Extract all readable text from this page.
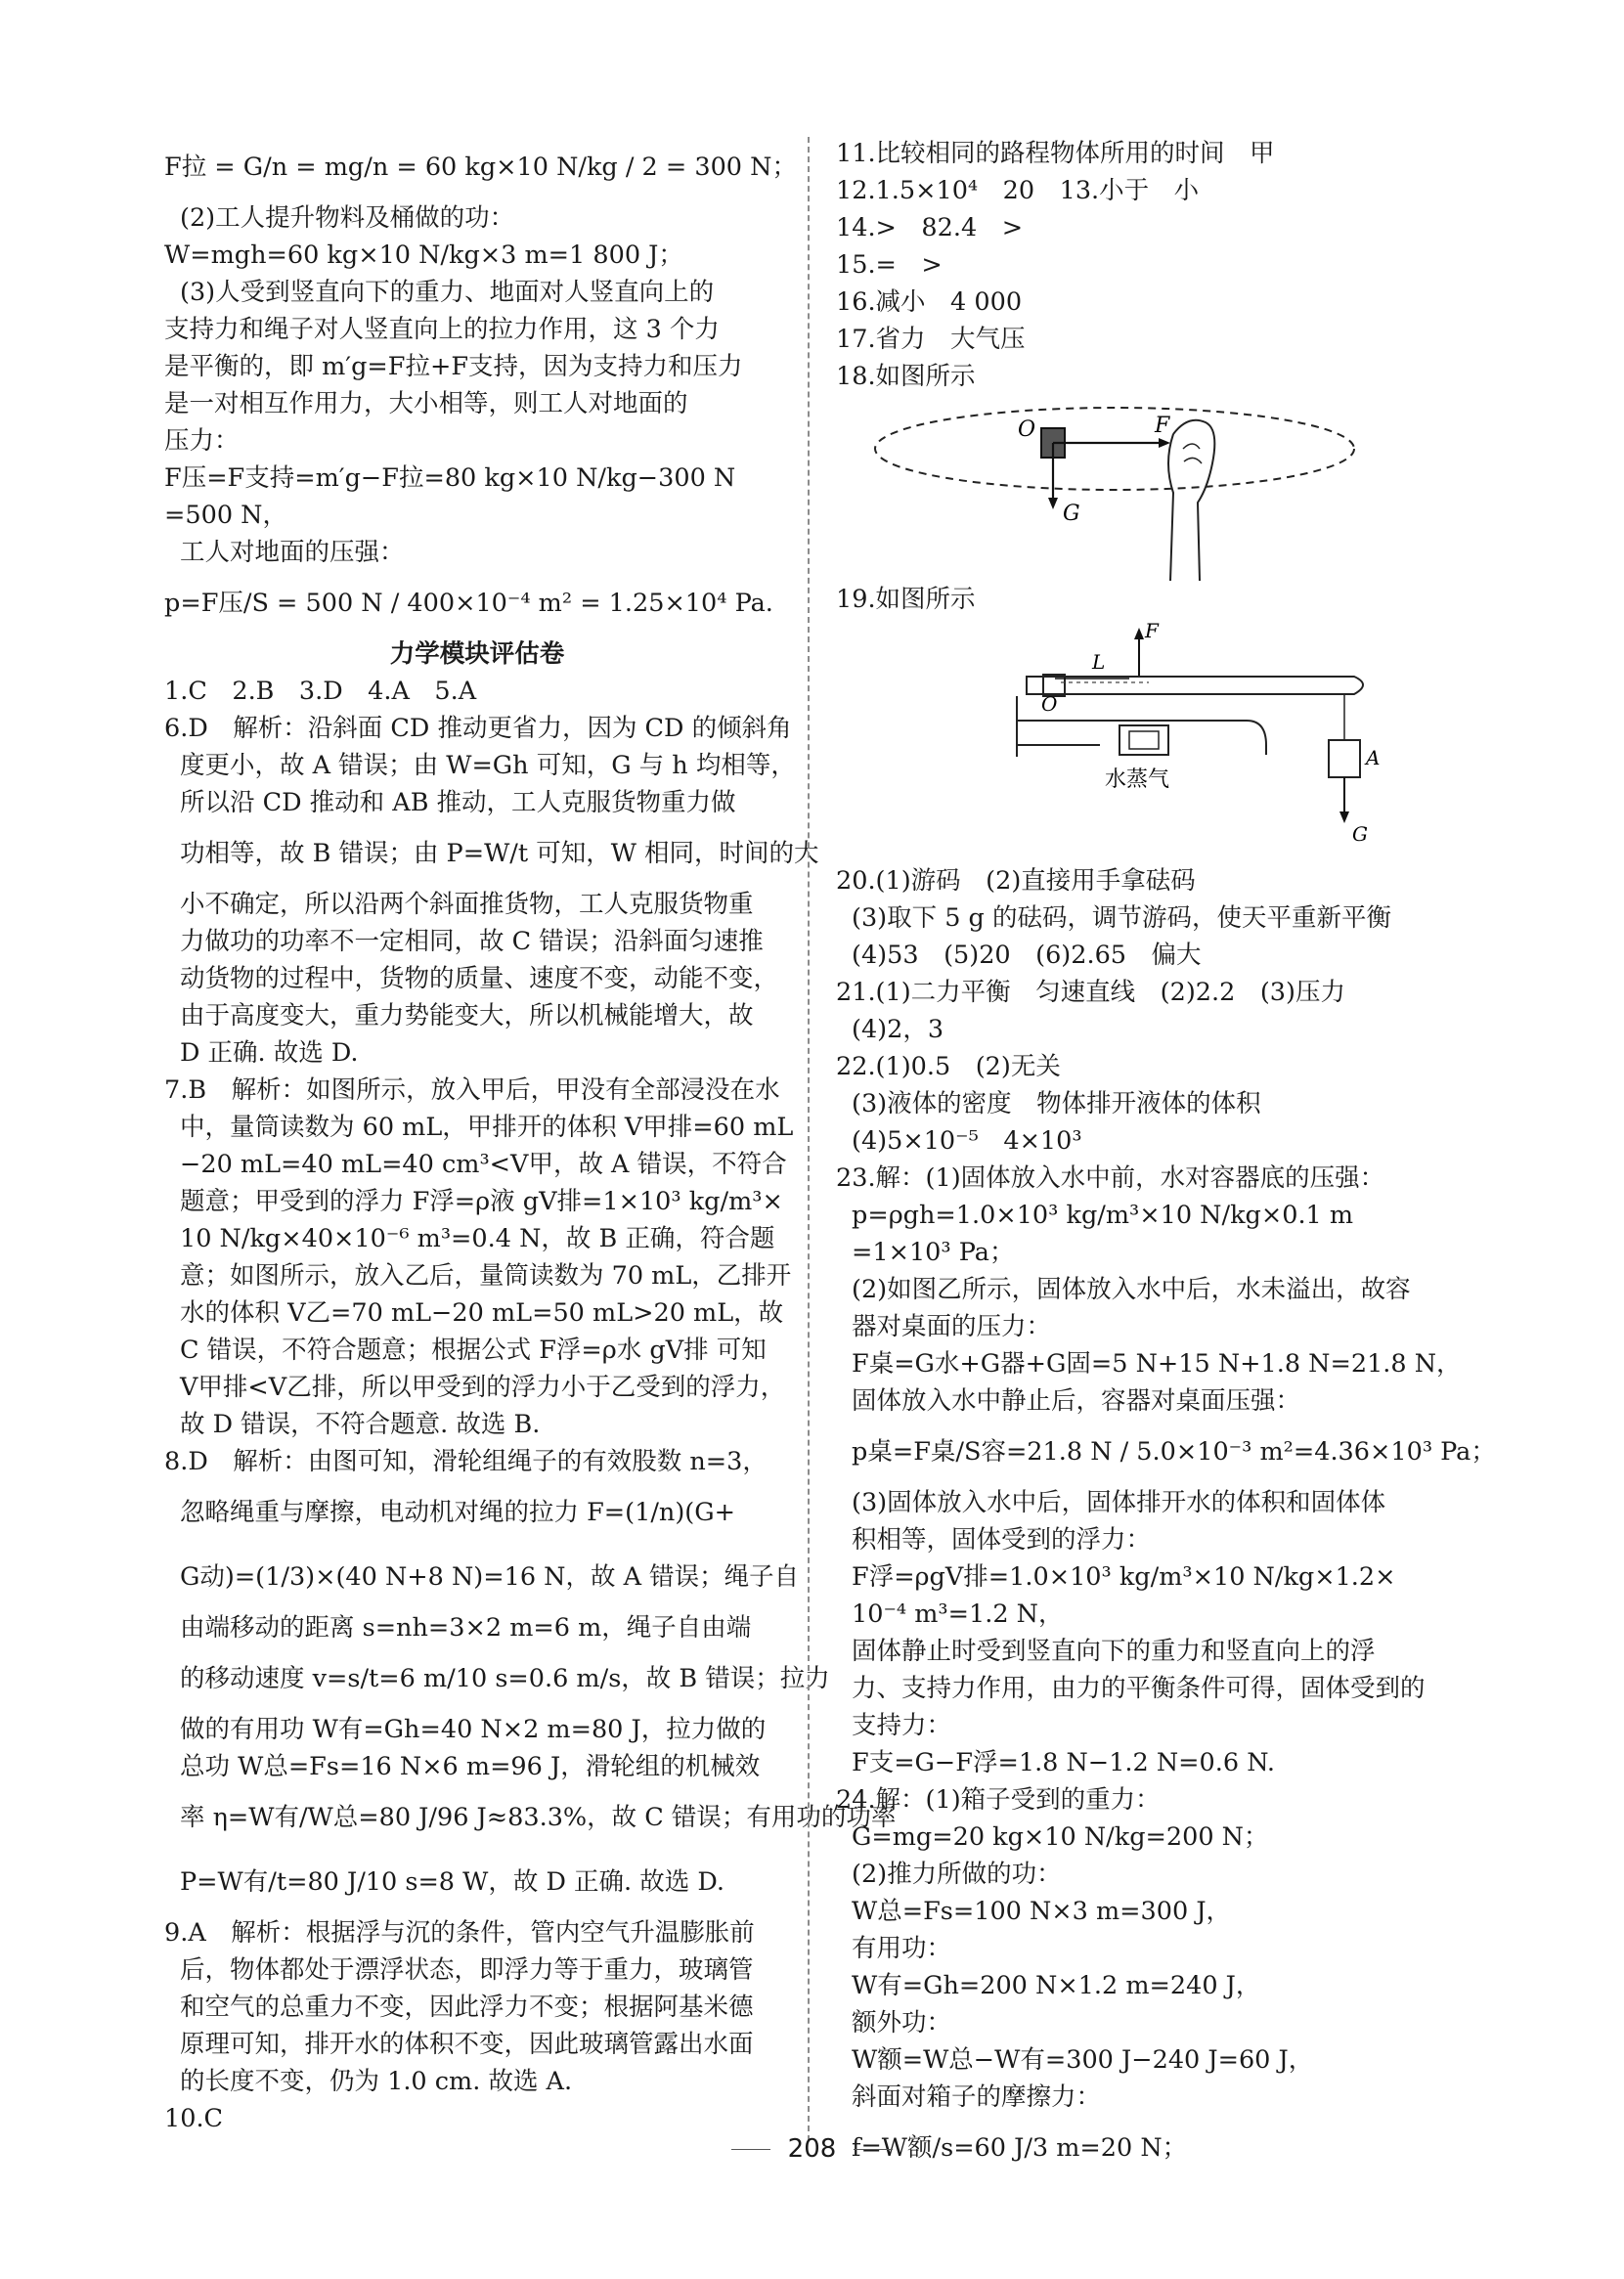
F拉 = G/n = mg/n = 60 kg×10 N/kg / 2 = 300 N；
(2)工人提升物料及桶做的功：
W=mgh=60 kg×10 N/kg×3 m=1 800 J；
(3)人受到竖直向下的重力、地面对人竖直向上的
支持力和绳子对人竖直向上的拉力作用，这 3 个力
是平衡的，即 m′g=F拉+F支持，因为支持力和压力
是一对相互作用力，大小相等，则工人对地面的
压力：
F压=F支持=m′g−F拉=80 kg×10 N/kg−300 N
=500 N，
工人对地面的压强：
p=F压/S = 500 N / 400×10⁻⁴ m² = 1.25×10⁴ Pa.
力学模块评估卷
1.C　2.B　3.D　4.A　5.A
6.D　解析：沿斜面 CD 推动更省力，因为 CD 的倾斜角
度更小，故 A 错误；由 W=Gh 可知，G 与 h 均相等，
所以沿 CD 推动和 AB 推动，工人克服货物重力做
功相等，故 B 错误；由 P=W/t 可知，W 相同，时间的大
小不确定，所以沿两个斜面推货物，工人克服货物重
力做功的功率不一定相同，故 C 错误；沿斜面匀速推
动货物的过程中，货物的质量、速度不变，动能不变，
由于高度变大，重力势能变大，所以机械能增大，故
D 正确. 故选 D.
7.B　解析：如图所示，放入甲后，甲没有全部浸没在水
中，量筒读数为 60 mL，甲排开的体积 V甲排=60 mL
−20 mL=40 mL=40 cm³<V甲，故 A 错误，不符合
题意；甲受到的浮力 F浮=ρ液 gV排=1×10³ kg/m³×
10 N/kg×40×10⁻⁶ m³=0.4 N，故 B 正确，符合题
意；如图所示，放入乙后，量筒读数为 70 mL，乙排开
水的体积 V乙=70 mL−20 mL=50 mL>20 mL，故
C 错误，不符合题意；根据公式 F浮=ρ水 gV排 可知
V甲排<V乙排，所以甲受到的浮力小于乙受到的浮力，
故 D 错误，不符合题意. 故选 B.
8.D　解析：由图可知，滑轮组绳子的有效股数 n=3，
忽略绳重与摩擦，电动机对绳的拉力 F=(1/n)(G+
G动)=(1/3)×(40 N+8 N)=16 N，故 A 错误；绳子自
由端移动的距离 s=nh=3×2 m=6 m，绳子自由端
的移动速度 v=s/t=6 m/10 s=0.6 m/s，故 B 错误；拉力
做的有用功 W有=Gh=40 N×2 m=80 J，拉力做的
总功 W总=Fs=16 N×6 m=96 J，滑轮组的机械效
率 η=W有/W总=80 J/96 J≈83.3%，故 C 错误；有用功的功率
P=W有/t=80 J/10 s=8 W，故 D 正确. 故选 D.
9.A　解析：根据浮与沉的条件，管内空气升温膨胀前
后，物体都处于漂浮状态，即浮力等于重力，玻璃管
和空气的总重力不变，因此浮力不变；根据阿基米德
原理可知，排开水的体积不变，因此玻璃管露出水面
的长度不变，仍为 1.0 cm. 故选 A.
10.C
11.比较相同的路程物体所用的时间　甲
12.1.5×10⁴　20　13.小于　小
14.>　82.4　>
15.=　>
16.减小　4 000
17.省力　大气压
18.如图所示
O	F
G
19.如图所示
F
L
O
A
G
水蒸气
20.(1)游码　(2)直接用手拿砝码
(3)取下 5 g 的砝码，调节游码，使天平重新平衡
(4)53　(5)20　(6)2.65　偏大
21.(1)二力平衡　匀速直线　(2)2.2　(3)压力
(4)2，3
22.(1)0.5　(2)无关
(3)液体的密度　物体排开液体的体积
(4)5×10⁻⁵　4×10³
23.解：(1)固体放入水中前，水对容器底的压强：
p=ρgh=1.0×10³ kg/m³×10 N/kg×0.1 m
=1×10³ Pa；
(2)如图乙所示，固体放入水中后，水未溢出，故容
器对桌面的压力：
F桌=G水+G器+G固=5 N+15 N+1.8 N=21.8 N，
固体放入水中静止后，容器对桌面压强：
p桌=F桌/S容=21.8 N / 5.0×10⁻³ m²=4.36×10³ Pa；
(3)固体放入水中后，固体排开水的体积和固体体
积相等，固体受到的浮力：
F浮=ρgV排=1.0×10³ kg/m³×10 N/kg×1.2×
10⁻⁴ m³=1.2 N，
固体静止时受到竖直向下的重力和竖直向上的浮
力、支持力作用，由力的平衡条件可得，固体受到的
支持力：
F支=G−F浮=1.8 N−1.2 N=0.6 N.
24.解：(1)箱子受到的重力：
G=mg=20 kg×10 N/kg=200 N；
(2)推力所做的功：
W总=Fs=100 N×3 m=300 J，
有用功：
W有=Gh=200 N×1.2 m=240 J，
额外功：
W额=W总−W有=300 J−240 J=60 J，
斜面对箱子的摩擦力：
f=W额/s=60 J/3 m=20 N；
208
